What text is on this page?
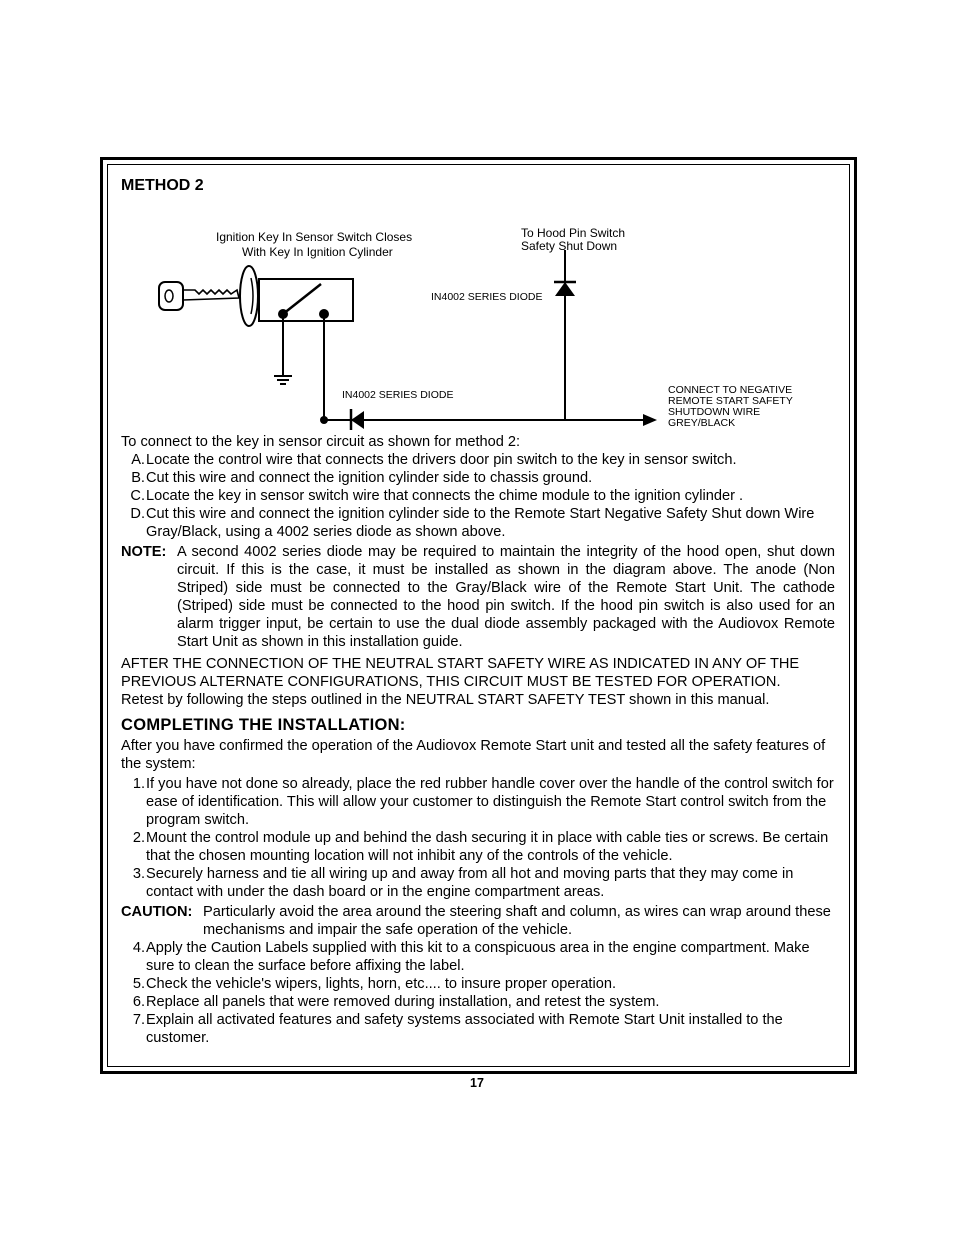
METHOD 2
Ignition Key In Sensor Switch Closes
With Key In Ignition Cylinder
To Hood Pin Switch
Safety Shut Down
IN4002 SERIES DIODE
IN4002 SERIES DIODE	CONNECT TO NEGATIVE
REMOTE START SAFETY
SHUTDOWN WIRE
GREY/BLACK

To connect to the key in sensor circuit as shown for method 2:

A. Locate the control wire that connects the drivers door pin switch to the key in sensor switch.
B. Cut this wire and connect the ignition cylinder side to chassis ground.
C. Locate the key in sensor switch wire that connects the chime module to the ignition cylinder .
D. Cut this wire and connect the ignition cylinder side to the Remote Start Negative Safety Shut down Wire Gray/Black, using a 4002 series diode as shown above.
NOTE: A second 4002 series diode may be required to maintain the integrity of the hood open, shut down circuit. If this is the case, it must be installed as shown in the diagram above. The anode (Non Striped) side must be connected to the Gray/Black wire of the Remote Start Unit. The cathode (Striped) side must be connected to the hood pin switch. If the hood pin switch is also used for an alarm trigger input, be certain to use the dual diode assembly packaged with the Audiovox Remote Start Unit as shown in this installation guide.

AFTER THE CONNECTION OF THE NEUTRAL START SAFETY WIRE AS INDICATED IN ANY OF THE PREVIOUS ALTERNATE CONFIGURATIONS, THIS CIRCUIT MUST BE TESTED FOR OPERATION.

Retest by following the steps outlined in the NEUTRAL START SAFETY TEST shown in this manual.

COMPLETING THE INSTALLATION:

After you have confirmed the operation of the Audiovox Remote Start unit and tested all the safety features of the system:

1. If you have not done so already, place the red rubber handle cover over the handle of the control switch for ease of identification. This will allow your customer to distinguish the Remote Start control switch from the program switch.
2. Mount the control module up and behind the dash securing it in place with cable ties or screws. Be certain that the chosen mounting location will not inhibit any of the controls of the vehicle.
3. Securely harness and tie all wiring up and away from all hot and moving parts that they may come in contact with under the dash board or in the engine compartment areas.
CAUTION: Particularly avoid the area around the steering shaft and column, as wires can wrap around these mechanisms and impair the safe operation of the vehicle.
4. Apply the Caution Labels supplied with this kit to a conspicuous area in the engine compartment. Make sure to clean the surface before affixing the label.
5. Check the vehicle's wipers, lights, horn, etc.... to insure proper operation.
6. Replace all panels that were removed during installation, and retest the system.
7. Explain all activated features and safety systems associated with Remote Start Unit installed to the customer.
17
